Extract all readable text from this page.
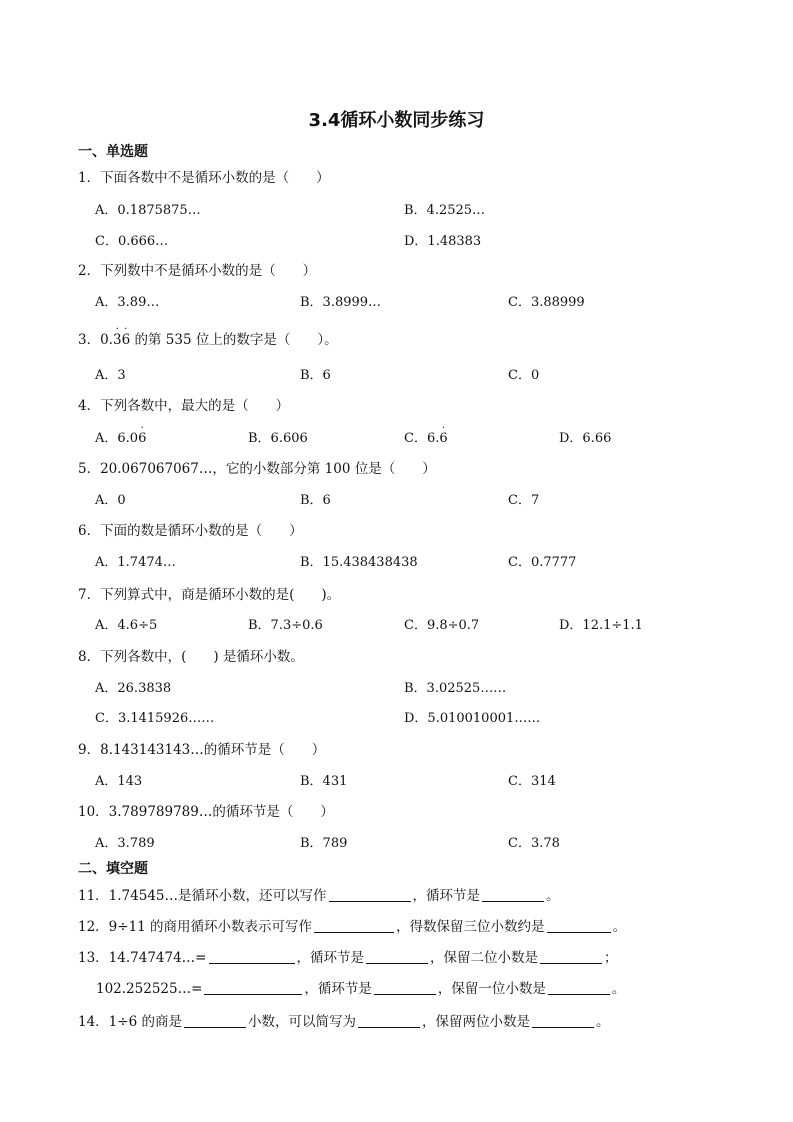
3.4循环小数同步练习
一、单选题
1．下面各数中不是循环小数的是（　　）
A．0.1875875…	B．4.2525…
C．0.666…	D．1.48383
2．下列数中不是循环小数的是（　　）
A．3.89…	B．3.8999…	C．3.88999
3．0.
·
3
·
6 的第 535 位上的数字是（　　）。
A．3	B．6	C．0
4．下列各数中，最大的是（　　）
A．6.0
·
6	B．6.606	C．6.
·
6	D．6.66
5．20.067067067…，它的小数部分第 100 位是（　　）
A．0	B．6	C．7
6．下面的数是循环小数的是（　　）
A．1.7474…	B．15.438438438	C．0.7777
7．下列算式中，商是循环小数的是(　　)。
A．4.6÷5	B．7.3÷0.6	C．9.8÷0.7	D．12.1÷1.1
8．下列各数中，(　　) 是循环小数。
A．26.3838	B．3.02525……
C．3.1415926……	D．5.010010001……
9．8.143143143…的循环节是（　　）
A．143	B．431	C．314
10．3.789789789…的循环节是（　　）
A．3.789	B．789	C．3.78
二、填空题
11．1.74545…是循环小数，还可以写作	，循环节是	。
12．9÷11 的商用循环小数表示可写作	，得数保留三位小数约是	。
13．14.747474…=	，循环节是	，保留二位小数是	；
102.252525…=	，循环节是	，保留一位小数是	。
14．1÷6 的商是	小数，可以简写为	，保留两位小数是	。
